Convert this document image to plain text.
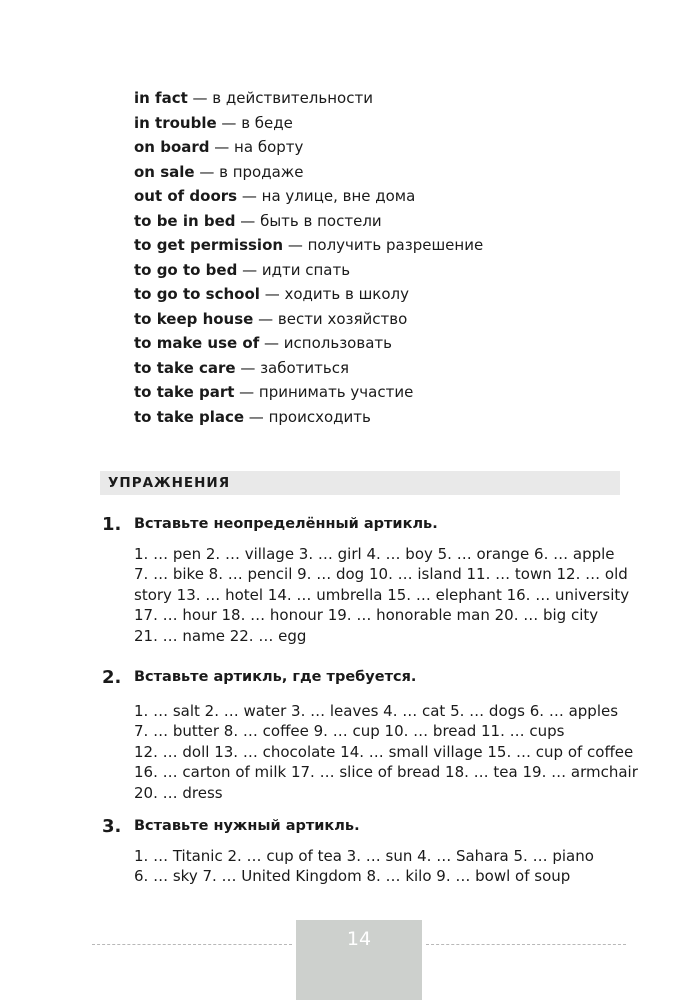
in fact — в действительности
in trouble — в беде
on board — на борту
on sale — в продаже
out of doors — на улице, вне дома
to be in bed — быть в постели
to get permission — получить разрешение
to go to bed — идти спать
to go to school — ходить в школу
to keep house — вести хозяйство
to make use of — использовать
to take care — заботиться
to take part — принимать участие
to take place — происходить
УПРАЖНЕНИЯ
1. Вставьте неопределённый артикль.
1. … pen 2. … village 3. … girl 4. … boy 5. … orange 6. … apple
7. … bike 8. … pencil 9. … dog 10. … island 11. … town 12. … old
story 13. … hotel 14. … umbrella 15. … elephant 16. … university
17. … hour 18. … honour 19. … honorable man 20. … big city
21. … name 22. … egg
2. Вставьте артикль, где требуется.
1. … salt 2. … water 3. … leaves 4. … cat 5. … dogs 6. … apples
7. … butter 8. … coffee 9. … cup 10. … bread 11. … cups
12. … doll 13. … chocolate 14. … small village 15. … cup of coffee
16. … carton of milk 17. … slice of bread 18. … tea 19. … armchair
20. … dress
3. Вставьте нужный артикль.
1. … Titanic 2. … cup of tea 3. … sun 4. … Sahara 5. … piano
6. … sky 7. … United Kingdom 8. … kilo 9. … bowl of soup
14
